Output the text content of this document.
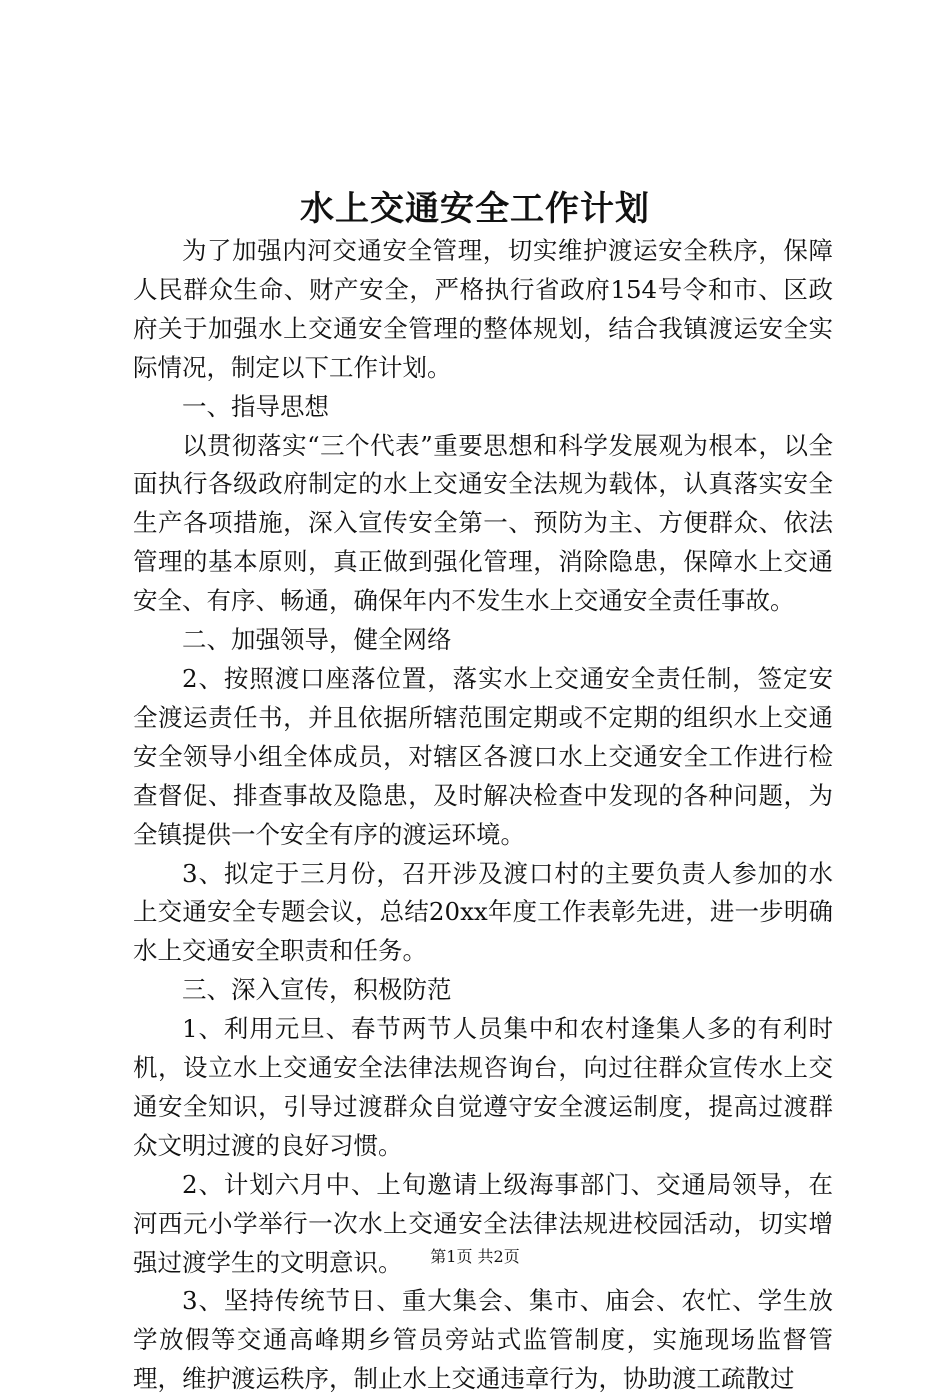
水上交通安全工作计划

为了加强内河交通安全管理，切实维护渡运安全秩序，保障人民群众生命、财产安全，严格执行省政府154号令和市、区政府关于加强水上交通安全管理的整体规划，结合我镇渡运安全实际情况，制定以下工作计划。

一、指导思想

以贯彻落实“三个代表”重要思想和科学发展观为根本，以全面执行各级政府制定的水上交通安全法规为载体，认真落实安全生产各项措施，深入宣传安全第一、预防为主、方便群众、依法管理的基本原则，真正做到强化管理，消除隐患，保障水上交通安全、有序、畅通，确保年内不发生水上交通安全责任事故。

二、加强领导，健全网络

2、按照渡口座落位置，落实水上交通安全责任制，签定安全渡运责任书，并且依据所辖范围定期或不定期的组织水上交通安全领导小组全体成员，对辖区各渡口水上交通安全工作进行检查督促、排查事故及隐患，及时解决检查中发现的各种问题，为全镇提供一个安全有序的渡运环境。

3、拟定于三月份，召开涉及渡口村的主要负责人参加的水上交通安全专题会议，总结20xx年度工作表彰先进，进一步明确水上交通安全职责和任务。

三、深入宣传，积极防范

1、利用元旦、春节两节人员集中和农村逢集人多的有利时机，设立水上交通安全法律法规咨询台，向过往群众宣传水上交通安全知识，引导过渡群众自觉遵守安全渡运制度，提高过渡群众文明过渡的良好习惯。

2、计划六月中、上旬邀请上级海事部门、交通局领导，在河西元小学举行一次水上交通安全法律法规进校园活动，切实增强过渡学生的文明意识。

3、坚持传统节日、重大集会、集市、庙会、农忙、学生放学放假等交通高峰期乡管员旁站式监管制度，实施现场监督管理，维护渡运秩序，制止水上交通违章行为，协助渡工疏散过

第1页 共2页
